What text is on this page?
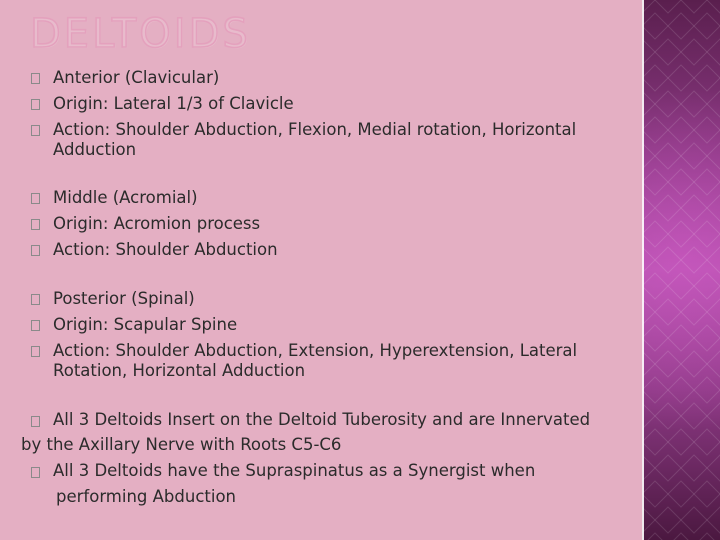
DELTOIDS
Anterior (Clavicular)
Origin: Lateral 1/3 of Clavicle
Action: Shoulder Abduction, Flexion, Medial rotation, Horizontal
Adduction
Middle (Acromial)
Origin: Acromion process
Action: Shoulder Abduction
Posterior (Spinal)
Origin: Scapular Spine
Action: Shoulder Abduction, Extension, Hyperextension, Lateral
Rotation, Horizontal Adduction
All 3 Deltoids Insert on the Deltoid Tuberosity and are Innervated
by the Axillary Nerve with Roots C5-C6
All 3 Deltoids have the Supraspinatus as a Synergist when
performing Abduction
